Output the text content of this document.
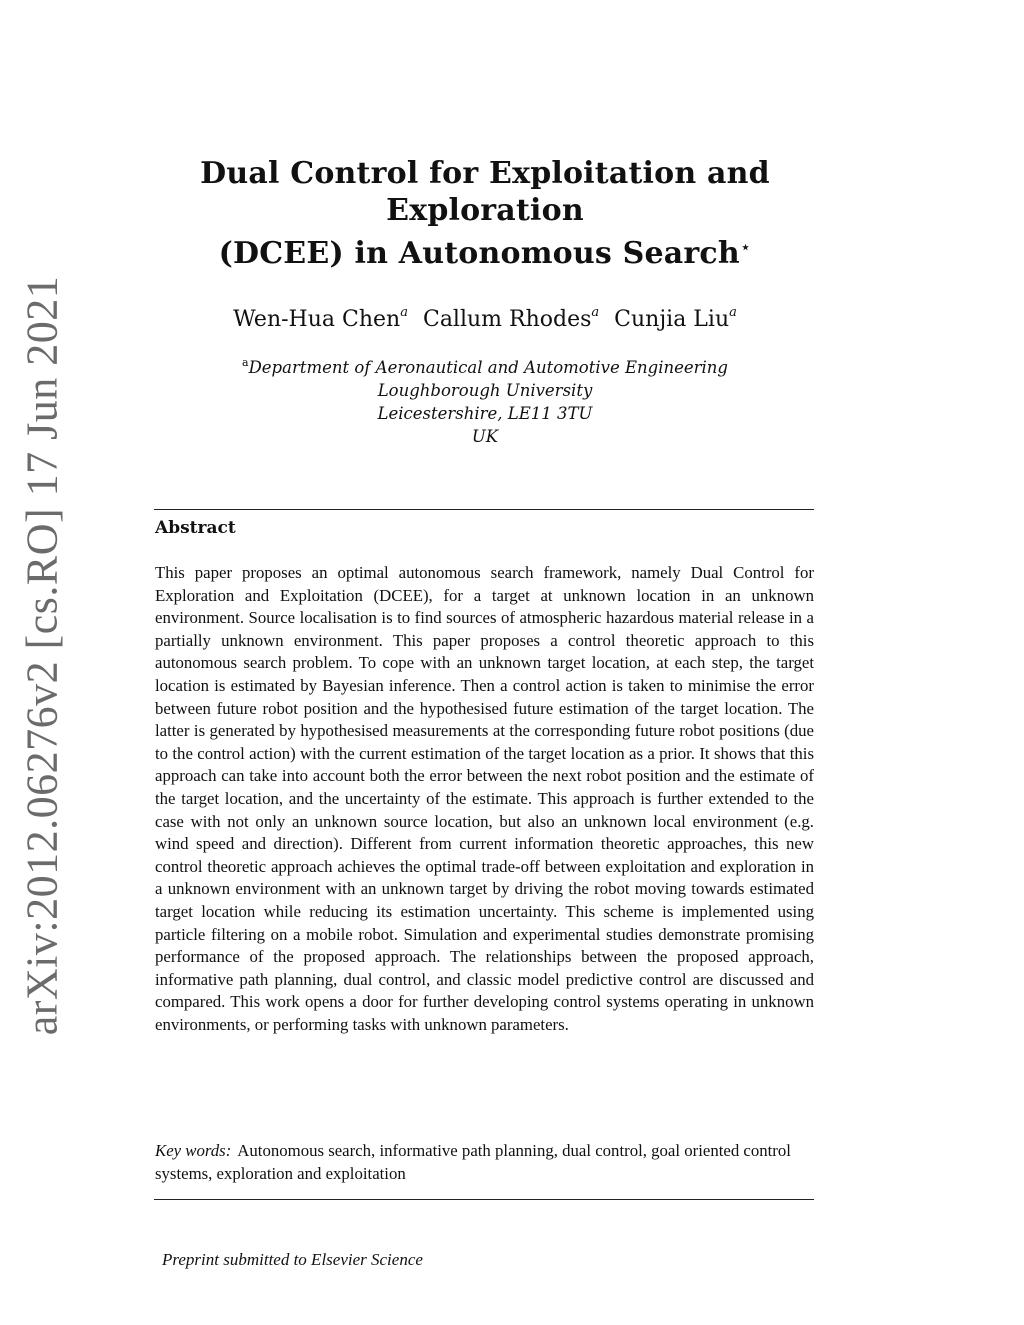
arXiv:2012.06276v2 [cs.RO] 17 Jun 2021
Dual Control for Exploitation and Exploration
(DCEE) in Autonomous Search⋆
Wen-Hua Chen$^a$ Callum Rhodes$^a$ Cunjia Liu$^a$
$^a$Department of Aeronautical and Automotive Engineering
Loughborough University
Leicestershire, LE11 3TU
UK
Abstract

This paper proposes an optimal autonomous search framework, namely Dual Control for Exploration and Exploitation (DCEE), for a target at unknown location in an unknown environment. Source localisation is to find sources of atmospheric hazardous material release in a partially unknown environment. This paper proposes a control theoretic approach to this autonomous search problem. To cope with an unknown target location, at each step, the target location is estimated by Bayesian inference. Then a control action is taken to minimise the error between future robot position and the hypothesised future estimation of the target location. The latter is generated by hypothesised measurements at the corresponding future robot positions (due to the control action) with the current estimation of the target location as a prior. It shows that this approach can take into account both the error between the next robot position and the estimate of the target location, and the uncertainty of the estimate. This approach is further extended to the case with not only an unknown source location, but also an unknown local environment (e.g. wind speed and direction). Different from current information theoretic approaches, this new control theoretic approach achieves the optimal trade-off between exploitation and exploration in a unknown environment with an unknown target by driving the robot moving towards estimated target location while reducing its estimation uncertainty. This scheme is implemented using particle filtering on a mobile robot. Simulation and experimental studies demonstrate promising performance of the proposed approach. The relationships between the proposed approach, informative path planning, dual control, and classic model predictive control are discussed and compared. This work opens a door for further developing control systems operating in unknown environments, or performing tasks with unknown parameters.

Key words: Autonomous search, informative path planning, dual control, goal oriented control systems, exploration and exploitation
Preprint submitted to Elsevier Science
